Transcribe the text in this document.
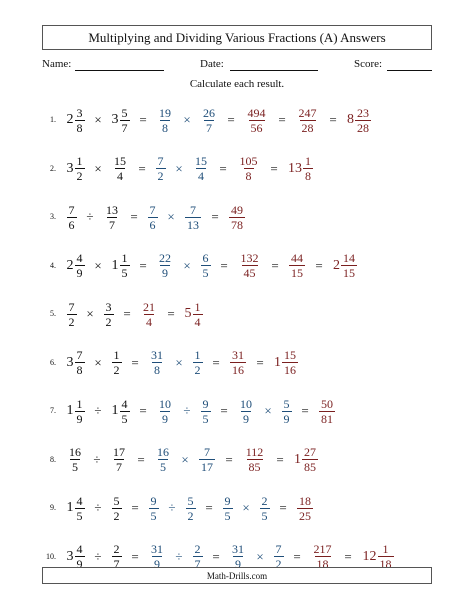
Multiplying and Dividing Various Fractions (A) Answers
Name:	Date:	Score:
Calculate each result.
1. $2 \frac{3}{8} \times 3 \frac{5}{7} = \frac{19}{8} \times \frac{26}{7} = \frac{494}{56} = \frac{247}{28} = 8 \frac{23}{28}$
2. $3 \frac{1}{2} \times \frac{15}{4} = \frac{7}{2} \times \frac{15}{4} = \frac{105}{8} = 13 \frac{1}{8}$
3. $\frac{7}{6} \div \frac{13}{7} = \frac{7}{6} \times \frac{7}{13} = \frac{49}{78}$
4. $2 \frac{4}{9} \times 1 \frac{1}{5} = \frac{22}{9} \times \frac{6}{5} = \frac{132}{45} = \frac{44}{15} = 2 \frac{14}{15}$
5. $\frac{7}{2} \times \frac{3}{2} = \frac{21}{4} = 5 \frac{1}{4}$
6. $3 \frac{7}{8} \times \frac{1}{2} = \frac{31}{8} \times \frac{1}{2} = \frac{31}{16} = 1 \frac{15}{16}$
7. $1 \frac{1}{9} \div 1 \frac{4}{5} = \frac{10}{9} \div \frac{9}{5} = \frac{10}{9} \times \frac{5}{9} = \frac{50}{81}$
8. $\frac{16}{5} \div \frac{17}{7} = \frac{16}{5} \times \frac{7}{17} = \frac{112}{85} = 1 \frac{27}{85}$
9. $1 \frac{4}{5} \div \frac{5}{2} = \frac{9}{5} \div \frac{5}{2} = \frac{9}{5} \times \frac{2}{5} = \frac{18}{25}$
10. $3 \frac{4}{9} \div \frac{2}{7} = \frac{31}{9} \div \frac{2}{7} = \frac{31}{9} \times \frac{7}{2} = \frac{217}{18} = 12 \frac{1}{18}$
Math-Drills.com
